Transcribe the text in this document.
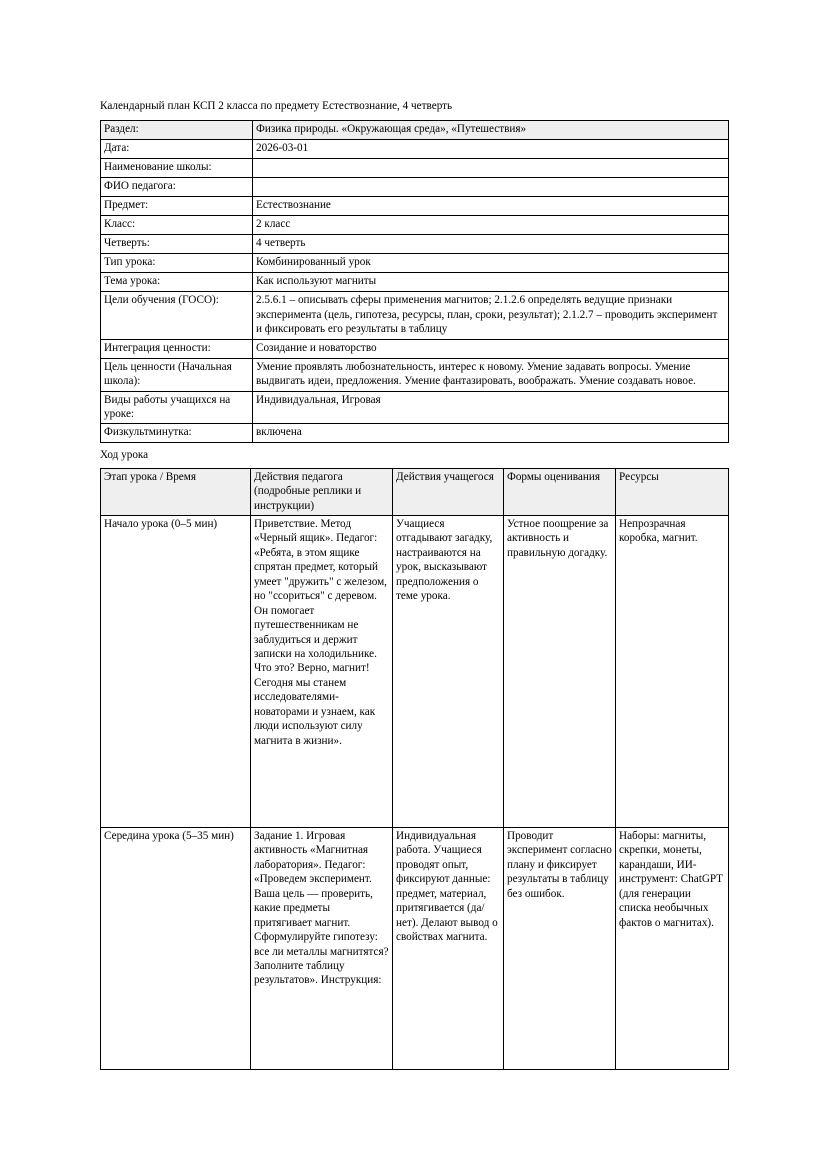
Календарный план КСП 2 класса по предмету Естествознание, 4 четверть
Раздел:	Физика природы. «Окружающая среда», «Путешествия»
Дата:	2026-03-01
Наименование школы:	
ФИО педагога:	
Предмет:	Естествознание
Класс:	2 класс
Четверть:	4 четверть
Тип урока:	Комбинированный урок
Тема урока:	Как используют магниты
Цели обучения (ГОСО):	2.5.6.1 – описывать сферы применения магнитов; 2.1.2.6 определять ведущие признаки эксперимента (цель, гипотеза, ресурсы, план, сроки, результат); 2.1.2.7 – проводить эксперимент и фиксировать его результаты в таблицу
Интеграция ценности:	Созидание и новаторство
Цель ценности (Начальная школа):	Умение проявлять любознательность, интерес к новому. Умение задавать вопросы. Умение выдвигать идеи, предложения. Умение фантазировать, воображать. Умение создавать новое.
Виды работы учащихся на уроке:	Индивидуальная, Игровая
Физкультминутка:	включена
Ход урока
Этап урока / Время	Действия педагога (подробные реплики и инструкции)	Действия учащегося	Формы оценивания	Ресурсы
Начало урока (0–5 мин)	Приветствие. Метод «Черный ящик». Педагог: «Ребята, в этом ящике спрятан предмет, который умеет "дружить" с железом, но "ссориться" с деревом. Он помогает путешественникам не заблудиться и держит записки на холодильнике. Что это? Верно, магнит! Сегодня мы станем исследователями-новаторами и узнаем, как люди используют силу магнита в жизни».	Учащиеся отгадывают загадку, настраиваются на урок, высказывают предположения о теме урока.	Устное поощрение за активность и правильную догадку.	Непрозрачная коробка, магнит.
Середина урока (5–35 мин)	Задание 1. Игровая активность «Магнитная лаборатория». Педагог: «Проведем эксперимент. Ваша цель — проверить, какие предметы притягивает магнит. Сформулируйте гипотезу: все ли металлы магнитятся? Заполните таблицу результатов». Инструкция:	Индивидуальная работа. Учащиеся проводят опыт, фиксируют данные: предмет, материал, притягивается (да/нет). Делают вывод о свойствах магнита.	Проводит эксперимент согласно плану и фиксирует результаты в таблицу без ошибок.	Наборы: магниты, скрепки, монеты, карандаши, ИИ-инструмент: ChatGPT (для генерации списка необычных фактов о магнитах).
